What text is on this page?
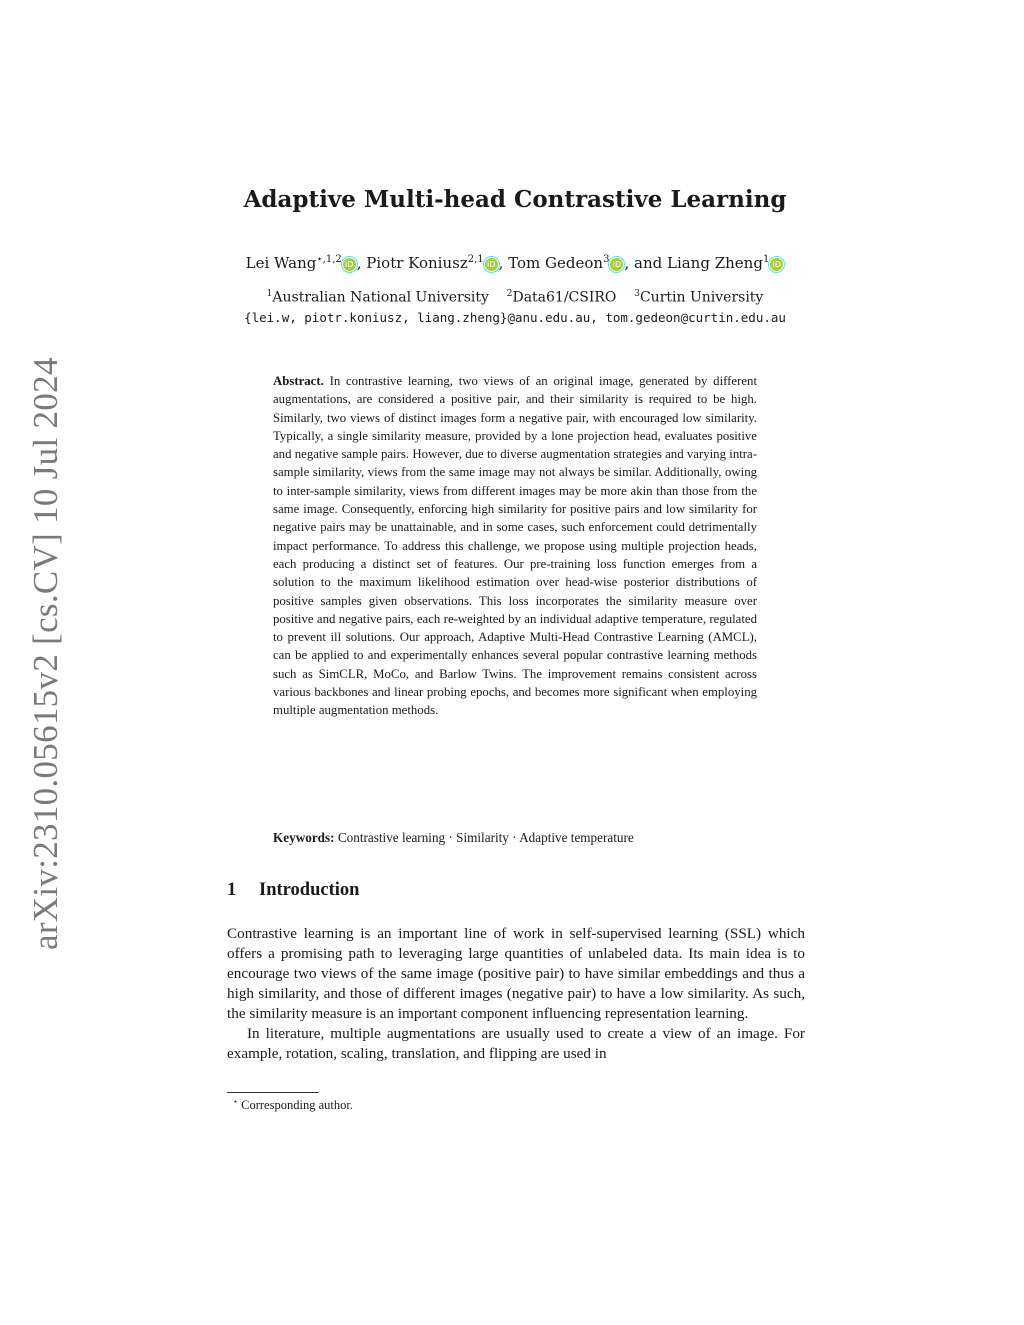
arXiv:2310.05615v2 [cs.CV] 10 Jul 2024
Adaptive Multi-head Contrastive Learning
Lei Wang$^{⋆,1,2}$ iD , Piotr Koniusz$^{2,1}$ iD , Tom Gedeon$^3$ iD , and Liang Zheng$^1$ iD
$^1$Australian National University $^2$Data61/CSIRO $^3$Curtin University
{lei.w, piotr.koniusz, liang.zheng}@anu.edu.au, tom.gedeon@curtin.edu.au
Abstract. In contrastive learning, two views of an original image, generated by different augmentations, are considered a positive pair, and their similarity is required to be high. Similarly, two views of distinct images form a negative pair, with encouraged low similarity. Typically, a single similarity measure, provided by a lone projection head, evaluates positive and negative sample pairs. However, due to diverse augmentation strategies and varying intra-sample similarity, views from the same image may not always be similar. Additionally, owing to inter-sample similarity, views from different images may be more akin than those from the same image. Consequently, enforcing high similarity for positive pairs and low similarity for negative pairs may be unattainable, and in some cases, such enforcement could detrimentally impact performance. To address this challenge, we propose using multiple projection heads, each producing a distinct set of features. Our pre-training loss function emerges from a solution to the maximum likelihood estimation over head-wise posterior distributions of positive samples given observations. This loss incorporates the similarity measure over positive and negative pairs, each re-weighted by an individual adaptive temperature, regulated to prevent ill solutions. Our approach, Adaptive Multi-Head Contrastive Learning (AMCL), can be applied to and experimentally enhances several popular contrastive learning methods such as SimCLR, MoCo, and Barlow Twins. The improvement remains consistent across various backbones and linear probing epochs, and becomes more significant when employing multiple augmentation methods.
Keywords: Contrastive learning · Similarity · Adaptive temperature
1 Introduction

Contrastive learning is an important line of work in self-supervised learning (SSL) which offers a promising path to leveraging large quantities of unlabeled data. Its main idea is to encourage two views of the same image (positive pair) to have similar embeddings and thus a high similarity, and those of different images (negative pair) to have a low similarity. As such, the similarity measure is an important component influencing representation learning.

In literature, multiple augmentations are usually used to create a view of an image. For example, rotation, scaling, translation, and flipping are used in

⋆ Corresponding author.
